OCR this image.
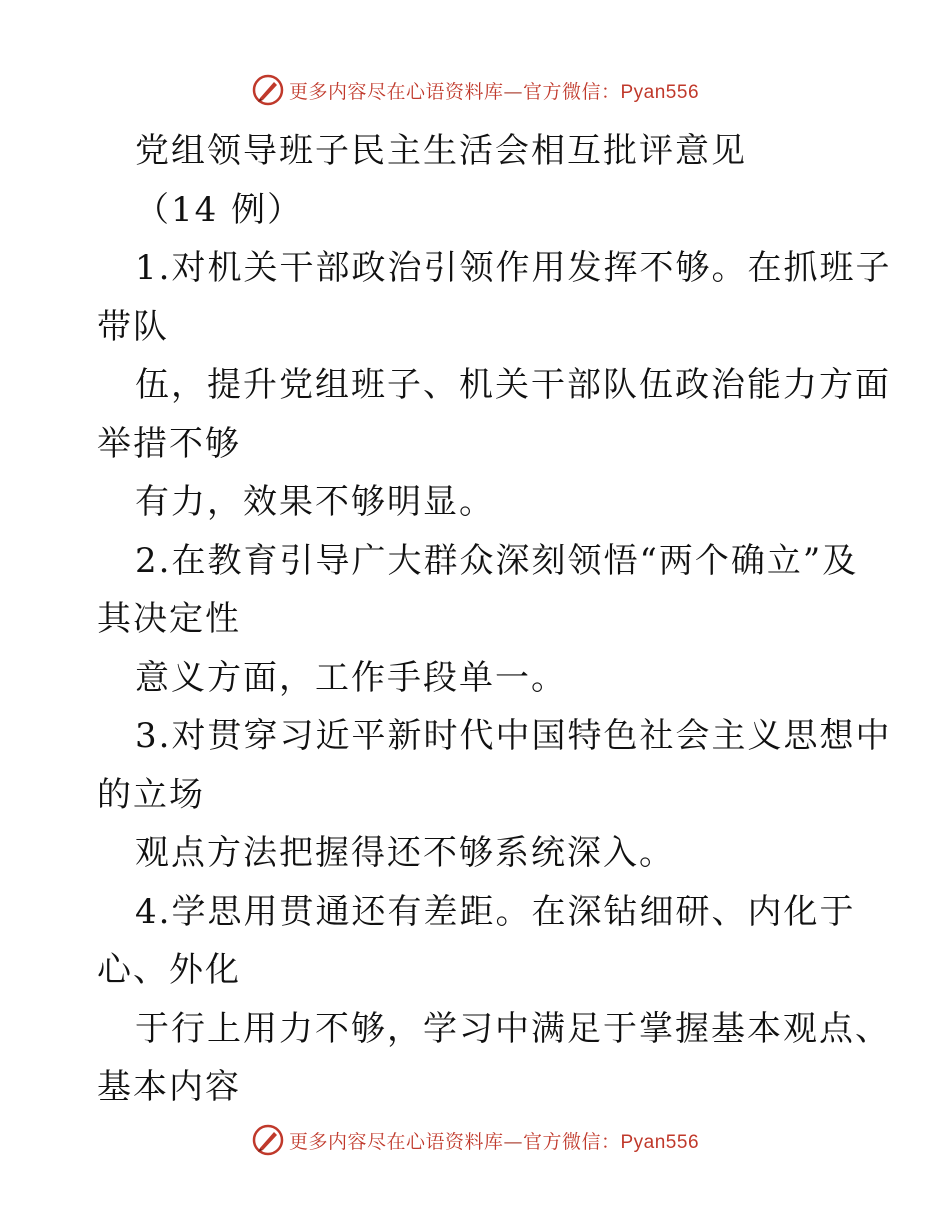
更多内容尽在心语资料库—官方微信：Pyan556
党组领导班子民主生活会相互批评意见
（14 例）
1.对机关干部政治引领作用发挥不够。在抓班子
带队
伍，提升党组班子、机关干部队伍政治能力方面
举措不够
有力，效果不够明显。
2.在教育引导广大群众深刻领悟“两个确立”及
其决定性
意义方面，工作手段单一。
3.对贯穿习近平新时代中国特色社会主义思想中
的立场
观点方法把握得还不够系统深入。
4.学思用贯通还有差距。在深钻细研、内化于
心、外化
于行上用力不够，学习中满足于掌握基本观点、
基本内容
更多内容尽在心语资料库—官方微信：Pyan556
